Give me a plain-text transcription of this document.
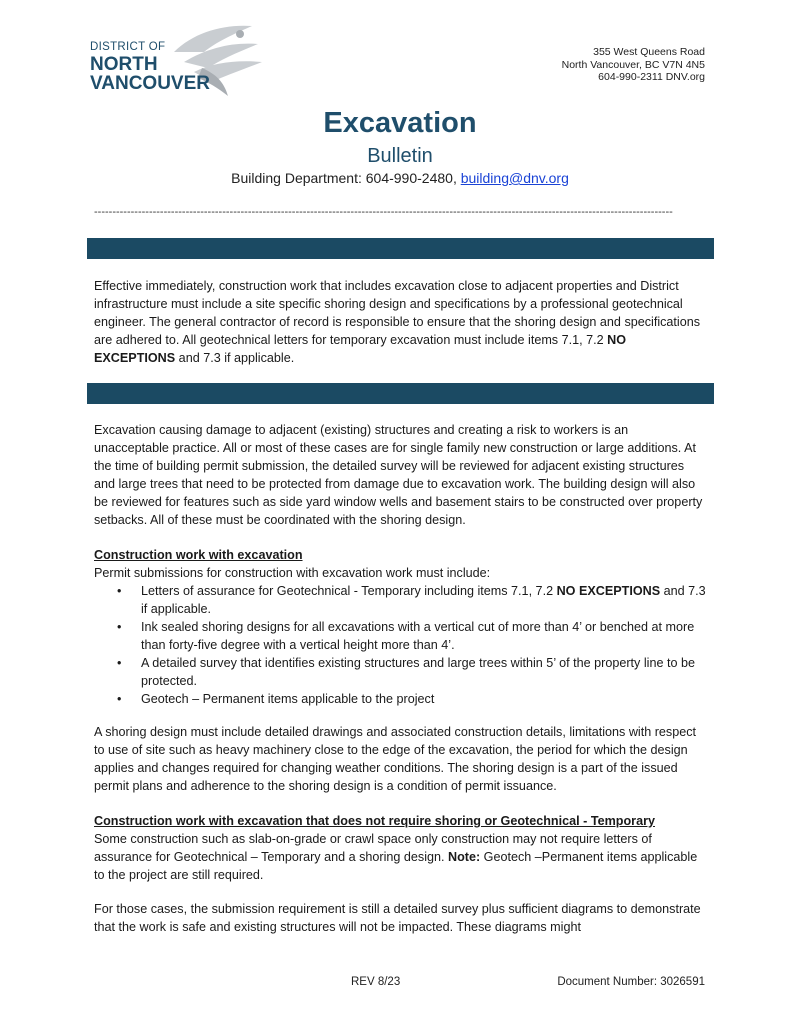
DISTRICT OF
NORTH
VANCOUVER
355 West Queens Road
North Vancouver, BC V7N 4N5
604-990-2311 DNV.org
Excavation
Bulletin
Building Department: 604-990-2480, building@dnv.org
--------------------------------------------------------------------------------------------------------------------------------------------------------------

Effective immediately, construction work that includes excavation close to adjacent properties and District infrastructure must include a site specific shoring design and specifications by a professional geotechnical engineer. The general contractor of record is responsible to ensure that the shoring design and specifications are adhered to. All geotechnical letters for temporary excavation must include items 7.1, 7.2 NO EXCEPTIONS and 7.3 if applicable.

Excavation causing damage to adjacent (existing) structures and creating a risk to workers is an unacceptable practice. All or most of these cases are for single family new construction or large additions. At the time of building permit submission, the detailed survey will be reviewed for adjacent existing structures and large trees that need to be protected from damage due to excavation work. The building design will also be reviewed for features such as side yard window wells and basement stairs to be constructed over property setbacks. All of these must be coordinated with the shoring design.

Construction work with excavation

Permit submissions for construction with excavation work must include:

• Letters of assurance for Geotechnical - Temporary including items 7.1, 7.2 NO EXCEPTIONS and 7.3 if applicable.
• Ink sealed shoring designs for all excavations with a vertical cut of more than 4’ or benched at more than forty-five degree with a vertical height more than 4’.
• A detailed survey that identifies existing structures and large trees within 5’ of the property line to be protected.
• Geotech – Permanent items applicable to the project

A shoring design must include detailed drawings and associated construction details, limitations with respect to use of site such as heavy machinery close to the edge of the excavation, the period for which the design applies and changes required for changing weather conditions. The shoring design is a part of the issued permit plans and adherence to the shoring design is a condition of permit issuance.

Construction work with excavation that does not require shoring or Geotechnical - Temporary

Some construction such as slab-on-grade or crawl space only construction may not require letters of assurance for Geotechnical – Temporary and a shoring design. Note: Geotech –Permanent items applicable to the project are still required.

For those cases, the submission requirement is still a detailed survey plus sufficient diagrams to demonstrate that the work is safe and existing structures will not be impacted. These diagrams might

REV 8/23	Document Number: 3026591
